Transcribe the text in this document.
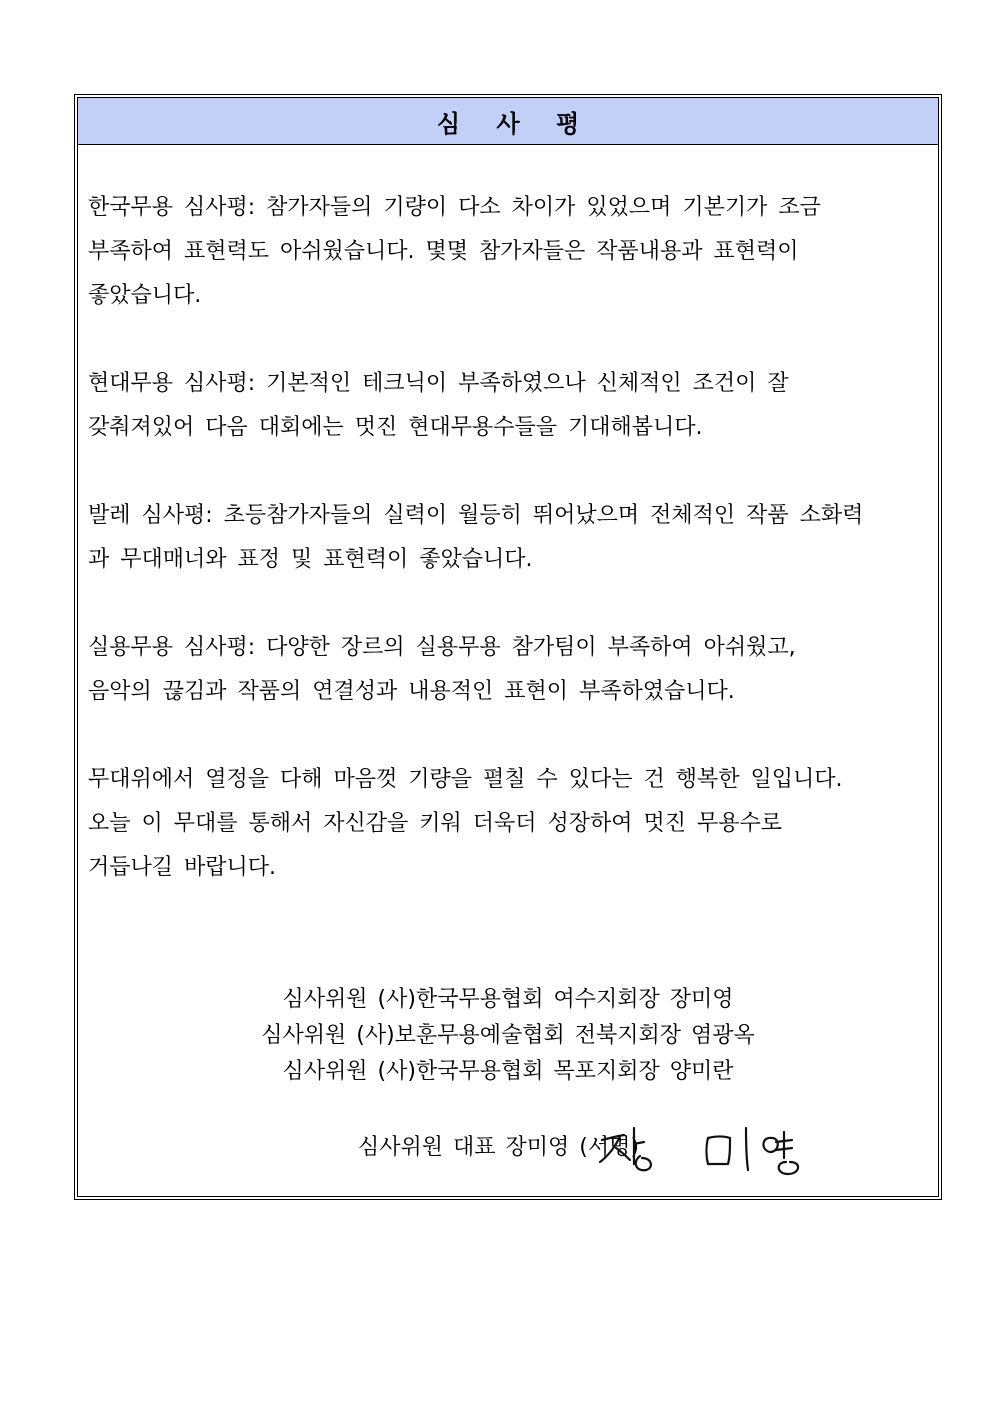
심 사 평
한국무용 심사평: 참가자들의 기량이 다소 차이가 있었으며 기본기가 조금
부족하여 표현력도 아쉬웠습니다. 몇몇 참가자들은 작품내용과 표현력이
좋았습니다.
현대무용 심사평: 기본적인 테크닉이 부족하였으나 신체적인 조건이 잘
갖춰져있어 다음 대회에는 멋진 현대무용수들을 기대해봅니다.
발레 심사평: 초등참가자들의 실력이 월등히 뛰어났으며 전체적인 작품 소화력
과 무대매너와 표정 및 표현력이 좋았습니다.
실용무용 심사평: 다양한 장르의 실용무용 참가팀이 부족하여 아쉬웠고,
음악의 끊김과 작품의 연결성과 내용적인 표현이 부족하였습니다.
무대위에서 열정을 다해 마음껏 기량을 펼칠 수 있다는 건 행복한 일입니다.
오늘 이 무대를 통해서 자신감을 키워 더욱더 성장하여 멋진 무용수로
거듭나길 바랍니다.
심사위원 (사)한국무용협회 여수지회장 장미영
심사위원 (사)보훈무용예술협회 전북지회장 염광옥
심사위원 (사)한국무용협회 목포지회장 양미란
심사위원 대표 장미영 (서명)
